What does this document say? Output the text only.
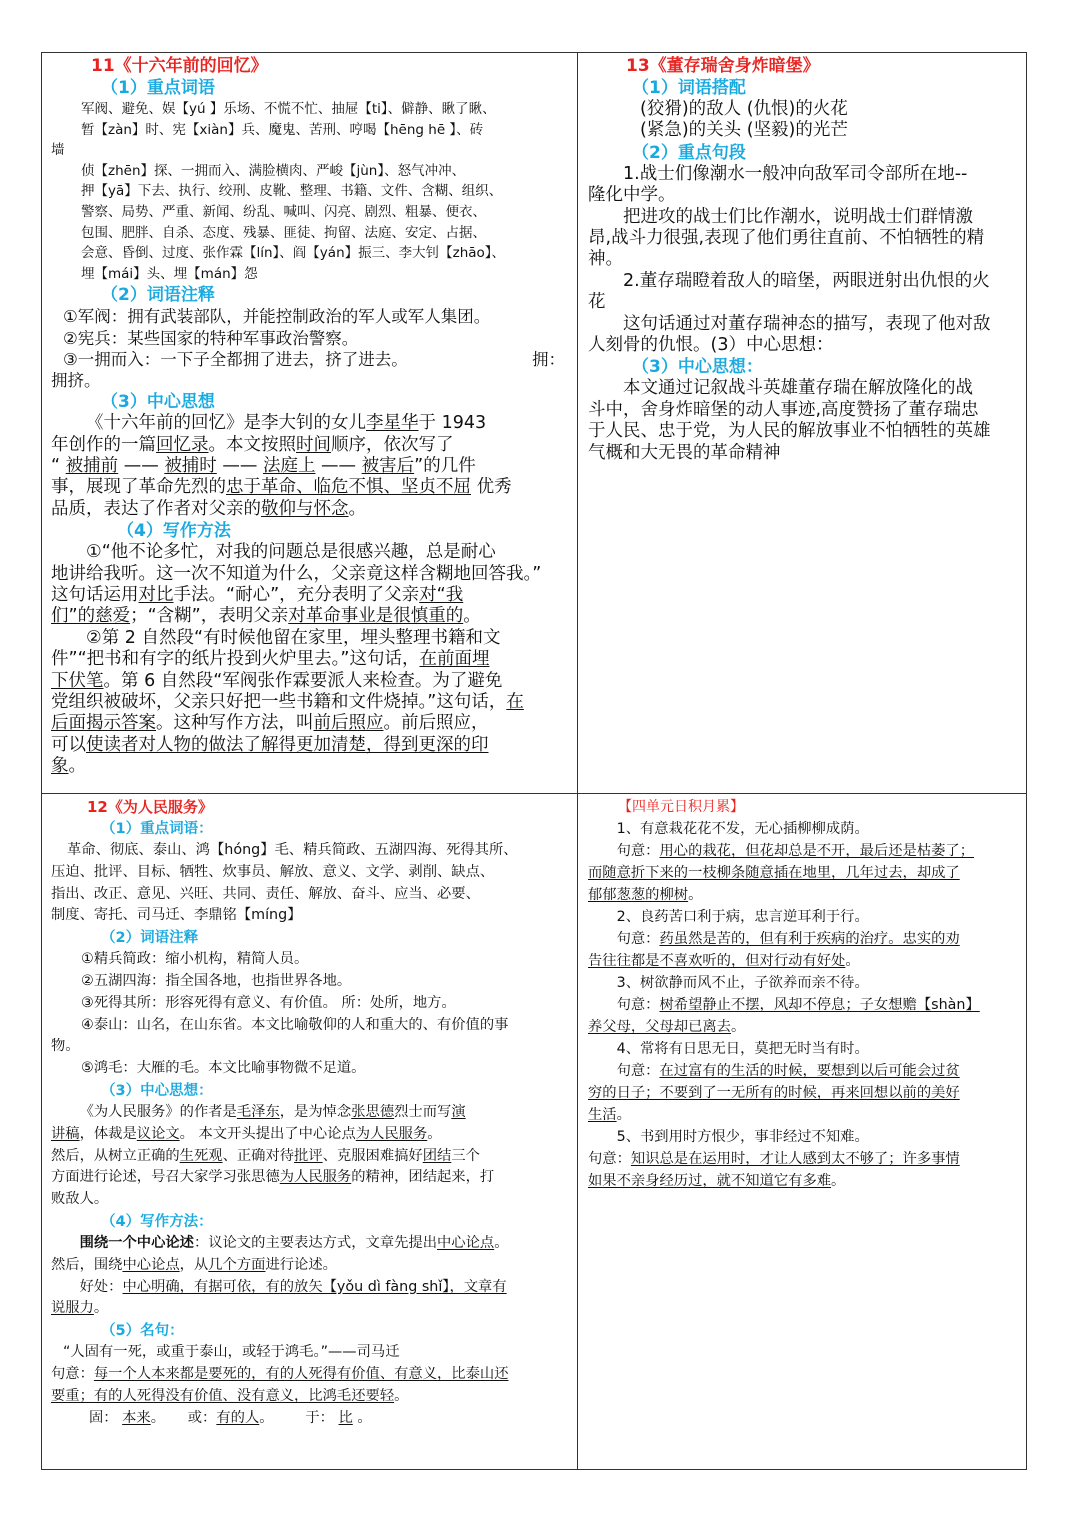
11《十六年前的回忆》
（1）重点词语

军阀、避免、娱【yú 】乐场、不慌不忙、抽屉【ti】、僻静、瞅了瞅、

暂【zàn】时、宪【xiàn】兵、魔鬼、苦刑、哼喝【hēng hē 】、砖

墙

侦【zhēn】探、一拥而入、满脸横肉、严峻【jùn】、怒气冲冲、

押【yā】下去、执行、绞刑、皮靴、整理、书籍、文件、含糊、组织、

警察、局势、严重、新闻、纷乱、喊叫、闪亮、剧烈、粗暴、便衣、

包围、肥胖、自杀、态度、残暴、匪徒、拘留、法庭、安定、占据、

会意、昏倒、过度、张作霖【lín】、阎【yán】振三、李大钊【zhāo】、

埋【mái】头、埋【mán】怨

（2）词语注释

①军阀：拥有武装部队，并能控制政治的军人或军人集团。

②宪兵：某些国家的特种军事政治警察。

③一拥而入：一下子全都拥了进去，挤了进去。	拥：

拥挤。

（3）中心思想

《十六年前的回忆》是李大钊的女儿李星华于 1943

年创作的一篇回忆录。本文按照时间顺序，依次写了

“ 被捕前 —— 被捕时 —— 法庭上 —— 被害后”的几件

事，展现了革命先烈的忠于革命、临危不惧、坚贞不屈 优秀

品质，表达了作者对父亲的敬仰与怀念。

（4）写作方法

①“他不论多忙，对我的问题总是很感兴趣，总是耐心

地讲给我听。这一次不知道为什么，父亲竟这样含糊地回答我。”

这句话运用对比手法。“耐心”，充分表明了父亲对“我

们”的慈爱；“含糊”，表明父亲对革命事业是很慎重的。

②第 2 自然段“有时候他留在家里，埋头整理书籍和文

件”“把书和有字的纸片投到火炉里去。”这句话，在前面埋

下伏笔。第 6 自然段“军阀张作霖要派人来检查。为了避免

党组织被破坏，父亲只好把一些书籍和文件烧掉。”这句话，在

后面揭示答案。这种写作方法，叫前后照应。前后照应，

可以使读者对人物的做法了解得更加清楚，得到更深的印

象。

13《董存瑞舍身炸暗堡》
（1）词语搭配

(狡猾)的敌人 (仇恨)的火花

(紧急)的关头 (坚毅)的光芒

（2）重点句段

1.战士们像潮水一般冲向敌军司令部所在地--

隆化中学。

把进攻的战士们比作潮水，说明战士们群情激

昂,战斗力很强,表现了他们勇往直前、不怕牺牲的精

神。

2.董存瑞瞪着敌人的暗堡，两眼迸射出仇恨的火

花

这句话通过对董存瑞神态的描写，表现了他对敌

人刻骨的仇恨。(3）中心思想：

（3）中心思想：

本文通过记叙战斗英雄董存瑞在解放隆化的战

斗中，舍身炸暗堡的动人事迹,高度赞扬了董存瑞忠

于人民、忠于党，为人民的解放事业不怕牺牲的英雄

气概和大无畏的革命精神

12《为人民服务》
（1）重点词语：

革命、彻底、泰山、鸿【hóng】毛、精兵简政、五湖四海、死得其所、

压迫、批评、目标、牺牲、炊事员、解放、意义、文学、剥削、缺点、

指出、改正、意见、兴旺、共同、责任、解放、奋斗、应当、必要、

制度、寄托、司马迁、李鼎铭【míng】

（2）词语注释

①精兵简政：缩小机构，精简人员。

②五湖四海：指全国各地，也指世界各地。

③死得其所：形容死得有意义、有价值。 所：处所，地方。

④泰山：山名，在山东省。本文比喻敬仰的人和重大的、有价值的事

物。

⑤鸿毛：大雁的毛。本文比喻事物微不足道。

（3）中心思想：

《为人民服务》的作者是毛泽东，是为悼念张思德烈士而写演

讲稿，体裁是议论文。 本文开头提出了中心论点为人民服务。

然后，从树立正确的生死观、正确对待批评、克服困难搞好团结三个

方面进行论述，号召大家学习张思德为人民服务的精神，团结起来，打

败敌人。

（4）写作方法：

围绕一个中心论述：议论文的主要表达方式，文章先提出中心论点。

然后，围绕中心论点，从几个方面进行论述。

好处：中心明确，有据可依，有的放矢【yǒu dì fàng shǐ】，文章有

说服力。

（5）名句：

“人固有一死，或重于泰山，或轻于鸿毛。”——司马迁

句意：每一个人本来都是要死的，有的人死得有价值、有意义，比泰山还

要重；有的人死得没有价值、没有意义，比鸿毛还要轻。

固： 本来。 或：有的人。 于： 比 。

【四单元日积月累】

1、有意栽花花不发，无心插柳柳成荫。

句意：用心的栽花，但花却总是不开，最后还是枯萎了；

而随意折下来的一枝柳条随意插在地里，几年过去，却成了

郁郁葱葱的柳树。

2、良药苦口利于病，忠言逆耳利于行。

句意：药虽然是苦的，但有利于疾病的治疗。忠实的劝

告往往都是不喜欢听的，但对行动有好处。

3、树欲静而风不止，子欲养而亲不待。

句意：树希望静止不摆，风却不停息；子女想赡【shàn】

养父母，父母却已离去。

4、常将有日思无日，莫把无时当有时。

句意：在过富有的生活的时候，要想到以后可能会过贫

穷的日子；不要到了一无所有的时候，再来回想以前的美好

生活。

5、书到用时方恨少，事非经过不知难。

句意：知识总是在运用时，才让人感到太不够了；许多事情

如果不亲身经历过，就不知道它有多难。
